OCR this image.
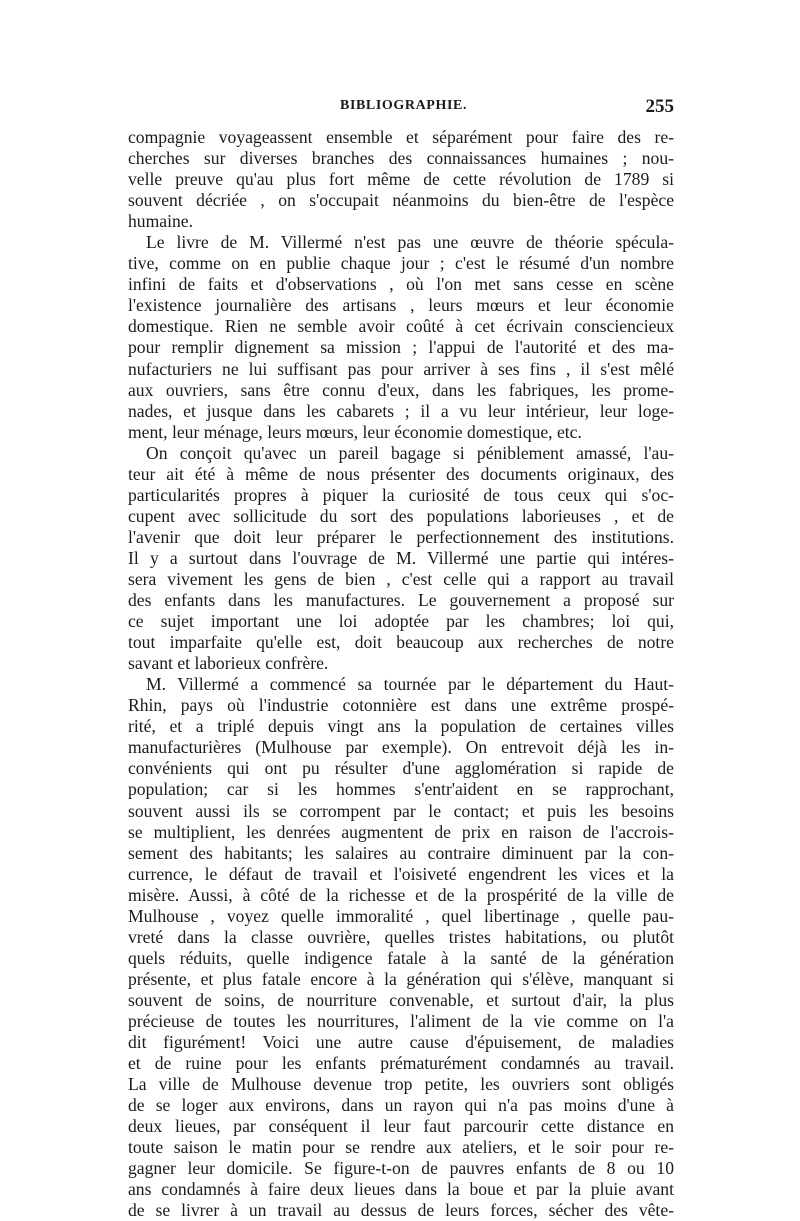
BIBLIOGRAPHIE.	255
compagnie voyageassent ensemble et séparément pour faire des re-
cherches sur diverses branches des connaissances humaines ; nou-
velle preuve qu'au plus fort même de cette révolution de 1789 si
souvent décriée , on s'occupait néanmoins du bien-être de l'espèce
humaine.
Le livre de M. Villermé n'est pas une œuvre de théorie spécula-
tive, comme on en publie chaque jour ; c'est le résumé d'un nombre
infini de faits et d'observations , où l'on met sans cesse en scène
l'existence journalière des artisans , leurs mœurs et leur économie
domestique. Rien ne semble avoir coûté à cet écrivain consciencieux
pour remplir dignement sa mission ; l'appui de l'autorité et des ma-
nufacturiers ne lui suffisant pas pour arriver à ses fins , il s'est mêlé
aux ouvriers, sans être connu d'eux, dans les fabriques, les prome-
nades, et jusque dans les cabarets ; il a vu leur intérieur, leur loge-
ment, leur ménage, leurs mœurs, leur économie domestique, etc.
On conçoit qu'avec un pareil bagage si péniblement amassé, l'au-
teur ait été à même de nous présenter des documents originaux, des
particularités propres à piquer la curiosité de tous ceux qui s'oc-
cupent avec sollicitude du sort des populations laborieuses , et de
l'avenir que doit leur préparer le perfectionnement des institutions.
Il y a surtout dans l'ouvrage de M. Villermé une partie qui intéres-
sera vivement les gens de bien , c'est celle qui a rapport au travail
des enfants dans les manufactures. Le gouvernement a proposé sur
ce sujet important une loi adoptée par les chambres; loi qui,
tout imparfaite qu'elle est, doit beaucoup aux recherches de notre
savant et laborieux confrère.
M. Villermé a commencé sa tournée par le département du Haut-
Rhin, pays où l'industrie cotonnière est dans une extrême prospé-
rité, et a triplé depuis vingt ans la population de certaines villes
manufacturières (Mulhouse par exemple). On entrevoit déjà les in-
convénients qui ont pu résulter d'une agglomération si rapide de
population; car si les hommes s'entr'aident en se rapprochant,
souvent aussi ils se corrompent par le contact; et puis les besoins
se multiplient, les denrées augmentent de prix en raison de l'accrois-
sement des habitants; les salaires au contraire diminuent par la con-
currence, le défaut de travail et l'oisiveté engendrent les vices et la
misère. Aussi, à côté de la richesse et de la prospérité de la ville de
Mulhouse , voyez quelle immoralité , quel libertinage , quelle pau-
vreté dans la classe ouvrière, quelles tristes habitations, ou plutôt
quels réduits, quelle indigence fatale à la santé de la génération
présente, et plus fatale encore à la génération qui s'élève, manquant si
souvent de soins, de nourriture convenable, et surtout d'air, la plus
précieuse de toutes les nourritures, l'aliment de la vie comme on l'a
dit figurément! Voici une autre cause d'épuisement, de maladies
et de ruine pour les enfants prématurément condamnés au travail.
La ville de Mulhouse devenue trop petite, les ouvriers sont obligés
de se loger aux environs, dans un rayon qui n'a pas moins d'une à
deux lieues, par conséquent il leur faut parcourir cette distance en
toute saison le matin pour se rendre aux ateliers, et le soir pour re-
gagner leur domicile. Se figure-t-on de pauvres enfants de 8 ou 10
ans condamnés à faire deux lieues dans la boue et par la pluie avant
de se livrer à un travail au dessus de leurs forces, sécher des vête-
